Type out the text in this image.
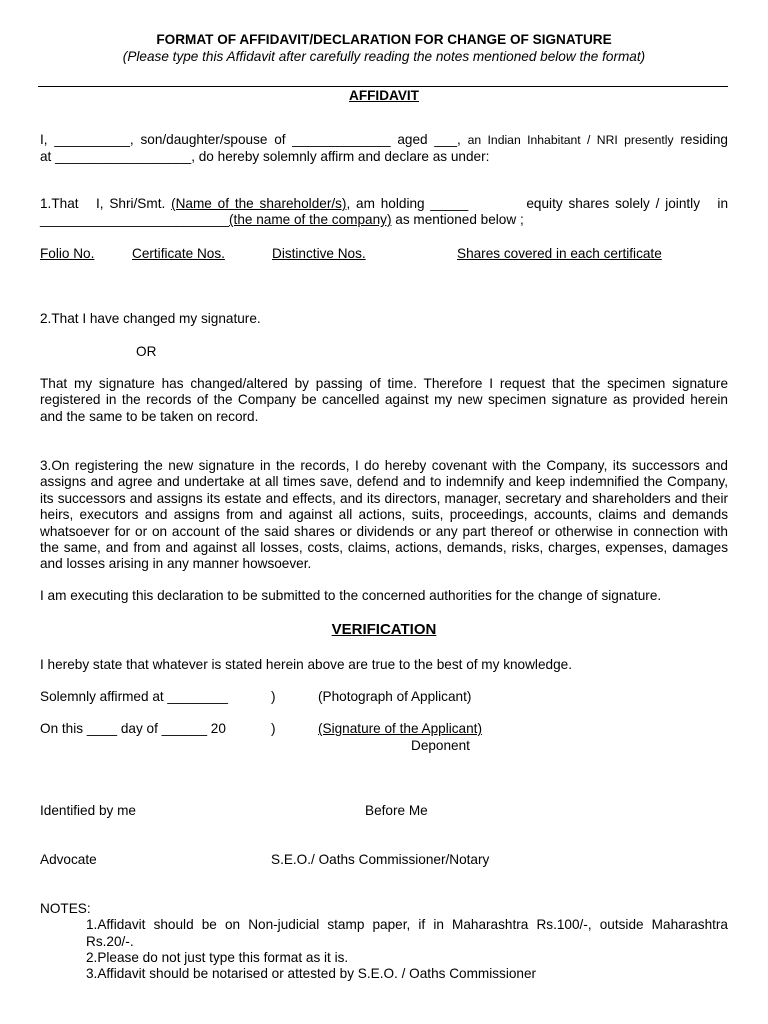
FORMAT OF AFFIDAVIT/DECLARATION FOR CHANGE OF SIGNATURE
(Please type this Affidavit after carefully reading the notes mentioned below the format)
AFFIDAVIT
I, __________, son/daughter/spouse of _____________ aged ___, an Indian Inhabitant / NRI presently residing
at __________________, do hereby solemnly affirm and declare as under:
1.That   I, Shri/Smt. (Name of the shareholder/s), am holding _____          equity shares solely / jointly   in
_________________________(the name of the company) as mentioned below ;
Folio No.	Certificate Nos.	Distinctive Nos.	Shares covered in each certificate
2.That I have changed my signature.
OR
That my signature has changed/altered by passing of time. Therefore I request that the specimen signature registered in the records of the Company be cancelled against my new specimen signature as provided herein and the same to be taken on record.
3.On registering the new signature in the records, I do hereby covenant with the Company, its successors and assigns and agree and undertake at all times save, defend and to indemnify and keep indemnified the Company, its successors and assigns its estate and effects, and its directors, manager, secretary and shareholders and their heirs, executors and assigns from and against all actions, suits, proceedings, accounts, claims and demands whatsoever for or on account of the said shares or dividends or any part thereof or otherwise in connection with the same, and from and against all losses, costs, claims, actions, demands, risks, charges, expenses, damages and losses arising in any manner howsoever.
I am executing this declaration to be submitted to the concerned authorities for the change of signature.
VERIFICATION
I hereby state that whatever is stated herein above are true to the best of my knowledge.
Solemnly affirmed at ________	)	(Photograph of Applicant)
On this ____ day of ______ 20	)	(Signature of the Applicant)
Deponent
Identified by me	Before Me
Advocate	S.E.O./ Oaths Commissioner/Notary
NOTES:
1.Affidavit should be on Non-judicial stamp paper, if in Maharashtra Rs.100/-, outside Maharashtra
Rs.20/-.
2.Please do not just type this format as it is.
3.Affidavit should be notarised or attested by S.E.O. / Oaths Commissioner
